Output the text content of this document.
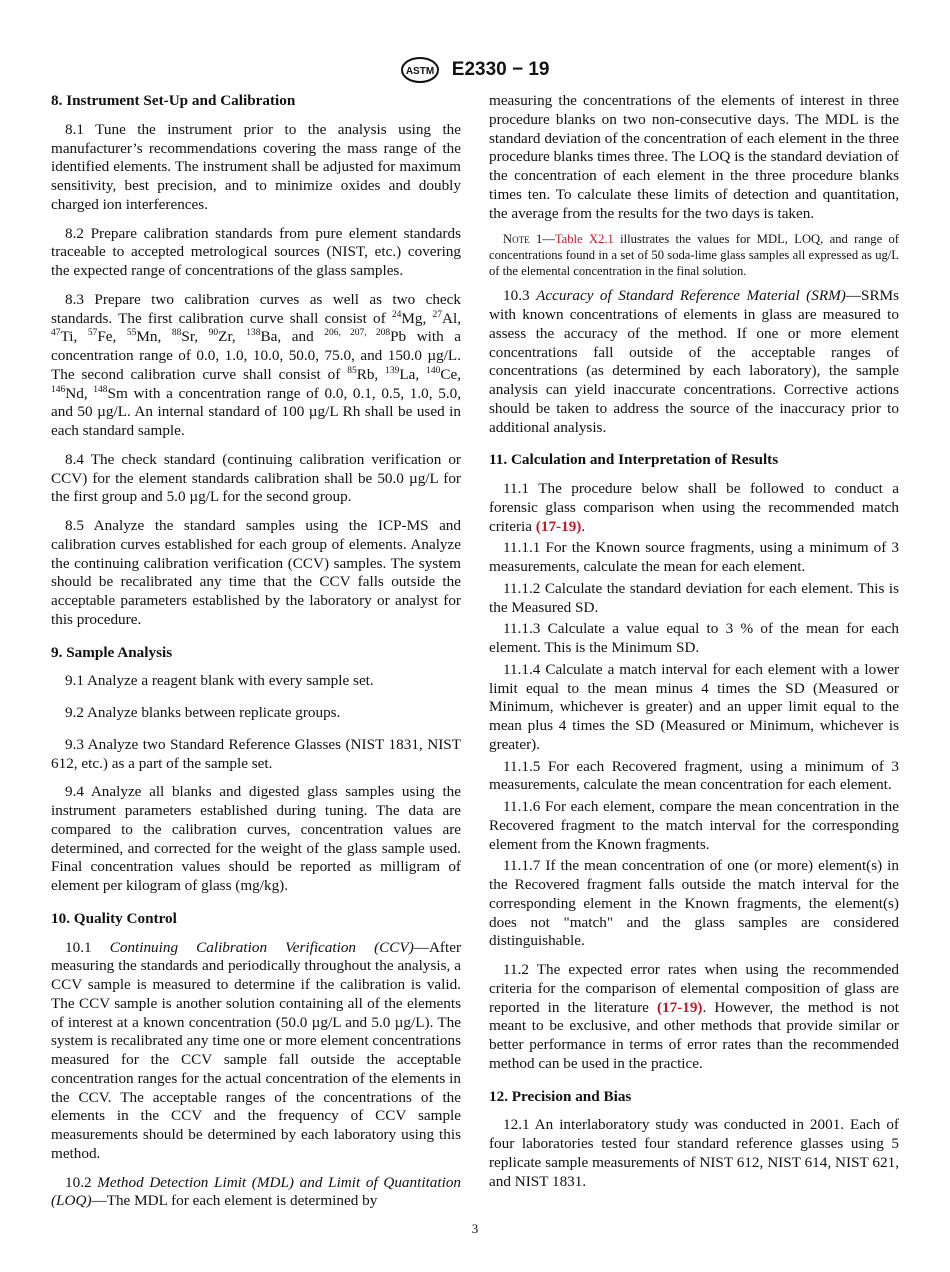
ASTM E2330 − 19
8. Instrument Set-Up and Calibration

8.1 Tune the instrument prior to the analysis using the manufacturer’s recommendations covering the mass range of the identified elements. The instrument shall be adjusted for maximum sensitivity, best precision, and to minimize oxides and doubly charged ion interferences.

8.2 Prepare calibration standards from pure element standards traceable to accepted metrological sources (NIST, etc.) covering the expected range of concentrations of the glass samples.

8.3 Prepare two calibration curves as well as two check standards. The first calibration curve shall consist of $^{24}$Mg, $^{27}$Al, $^{47}$Ti, $^{57}$Fe, $^{55}$Mn, $^{88}$Sr, $^{90}$Zr, $^{138}$Ba, and $^{206, 207, 208}$Pb with a concentration range of 0.0, 1.0, 10.0, 50.0, 75.0, and 150.0 µg/L. The second calibration curve shall consist of $^{85}$Rb, $^{139}$La, $^{140}$Ce, $^{146}$Nd, $^{148}$Sm with a concentration range of 0.0, 0.1, 0.5, 1.0, 5.0, and 50 µg/L. An internal standard of 100 µg/L Rh shall be used in each standard sample.

8.4 The check standard (continuing calibration verification or CCV) for the element standards calibration shall be 50.0 µg/L for the first group and 5.0 µg/L for the second group.

8.5 Analyze the standard samples using the ICP-MS and calibration curves established for each group of elements. Analyze the continuing calibration verification (CCV) samples. The system should be recalibrated any time that the CCV falls outside the acceptable parameters established by the laboratory or analyst for this procedure.

9. Sample Analysis

9.1 Analyze a reagent blank with every sample set.

9.2 Analyze blanks between replicate groups.

9.3 Analyze two Standard Reference Glasses (NIST 1831, NIST 612, etc.) as a part of the sample set.

9.4 Analyze all blanks and digested glass samples using the instrument parameters established during tuning. The data are compared to the calibration curves, concentration values are determined, and corrected for the weight of the glass sample used. Final concentration values should be reported as milligram of element per kilogram of glass (mg/kg).

10. Quality Control

10.1 Continuing Calibration Verification (CCV)—After measuring the standards and periodically throughout the analysis, a CCV sample is measured to determine if the calibration is valid. The CCV sample is another solution containing all of the elements of interest at a known concentration (50.0 µg/L and 5.0 µg/L). The system is recalibrated any time one or more element concentrations measured for the CCV sample fall outside the acceptable concentration ranges for the actual concentration of the elements in the CCV. The acceptable ranges of the concentrations of the elements in the CCV and the frequency of CCV sample measurements should be determined by each laboratory using this method.

10.2 Method Detection Limit (MDL) and Limit of Quantitation (LOQ)—The MDL for each element is determined by

measuring the concentrations of the elements of interest in three procedure blanks on two non-consecutive days. The MDL is the standard deviation of the concentration of each element in the three procedure blanks times three. The LOQ is the standard deviation of the concentration of each element in the three procedure blanks times ten. To calculate these limits of detection and quantitation, the average from the results for the two days is taken.

Note 1—Table X2.1 illustrates the values for MDL, LOQ, and range of concentrations found in a set of 50 soda-lime glass samples all expressed as ug/L of the elemental concentration in the final solution.

10.3 Accuracy of Standard Reference Material (SRM)—SRMs with known concentrations of elements in glass are measured to assess the accuracy of the method. If one or more element concentrations fall outside of the acceptable ranges of concentrations (as determined by each laboratory), the sample analysis can yield inaccurate concentrations. Corrective actions should be taken to address the source of the inaccuracy prior to additional analysis.

11. Calculation and Interpretation of Results

11.1 The procedure below shall be followed to conduct a forensic glass comparison when using the recommended match criteria (17-19).

11.1.1 For the Known source fragments, using a minimum of 3 measurements, calculate the mean for each element.

11.1.2 Calculate the standard deviation for each element. This is the Measured SD.

11.1.3 Calculate a value equal to 3 % of the mean for each element. This is the Minimum SD.

11.1.4 Calculate a match interval for each element with a lower limit equal to the mean minus 4 times the SD (Measured or Minimum, whichever is greater) and an upper limit equal to the mean plus 4 times the SD (Measured or Minimum, whichever is greater).

11.1.5 For each Recovered fragment, using a minimum of 3 measurements, calculate the mean concentration for each element.

11.1.6 For each element, compare the mean concentration in the Recovered fragment to the match interval for the corresponding element from the Known fragments.

11.1.7 If the mean concentration of one (or more) element(s) in the Recovered fragment falls outside the match interval for the corresponding element in the Known fragments, the element(s) does not "match" and the glass samples are considered distinguishable.

11.2 The expected error rates when using the recommended criteria for the comparison of elemental composition of glass are reported in the literature (17-19). However, the method is not meant to be exclusive, and other methods that provide similar or better performance in terms of error rates than the recommended method can be used in the practice.

12. Precision and Bias

12.1 An interlaboratory study was conducted in 2001. Each of four laboratories tested four standard reference glasses using 5 replicate sample measurements of NIST 612, NIST 614, NIST 621, and NIST 1831.

3
